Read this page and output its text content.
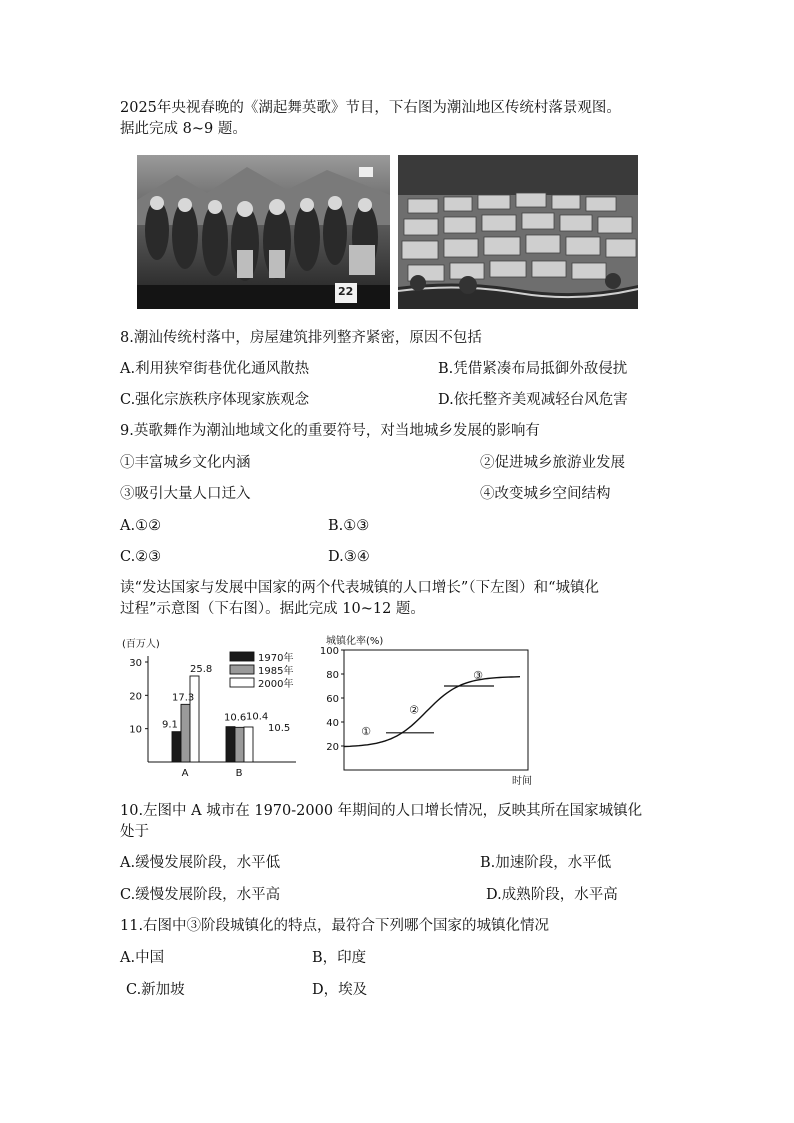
2025年央视春晚的《湖起舞英歌》节目，下右图为潮汕地区传统村落景观图。
据此完成 8~9 题。
22
8.潮汕传统村落中，房屋建筑排列整齐紧密，原因不包括
A.利用狭窄街巷优化通风散热	B.凭借紧凑布局抵御外敌侵扰
C.强化宗族秩序体现家族观念	D.依托整齐美观减轻台风危害
9.英歌舞作为潮汕地域文化的重要符号，对当地城乡发展的影响有
①丰富城乡文化内涵	②促进城乡旅游业发展
③吸引大量人口迁入	④改变城乡空间结构
A.①②	B.①③
C.②③	D.③④
读“发达国家与发展中国家的两个代表城镇的人口增长”（下左图）和“城镇化
过程”示意图（下右图）。据此完成 10~12 题。
(百万人)
10
20
30
A	B
9.1
17.3
25.8
10.6 10.4
10.5
1970年
1985年
2000年
城镇化率(%)
20
40
60
80
100
①
②
③
时间
10.左图中 A 城市在 1970-2000 年期间的人口增长情况，反映其所在国家城镇化
处于
A.缓慢发展阶段，水平低	B.加速阶段，水平低
C.缓慢发展阶段，水平高	D.成熟阶段，水平高
11.右图中③阶段城镇化的特点，最符合下列哪个国家的城镇化情况
A.中国	B，印度
C.新加坡	D，埃及
